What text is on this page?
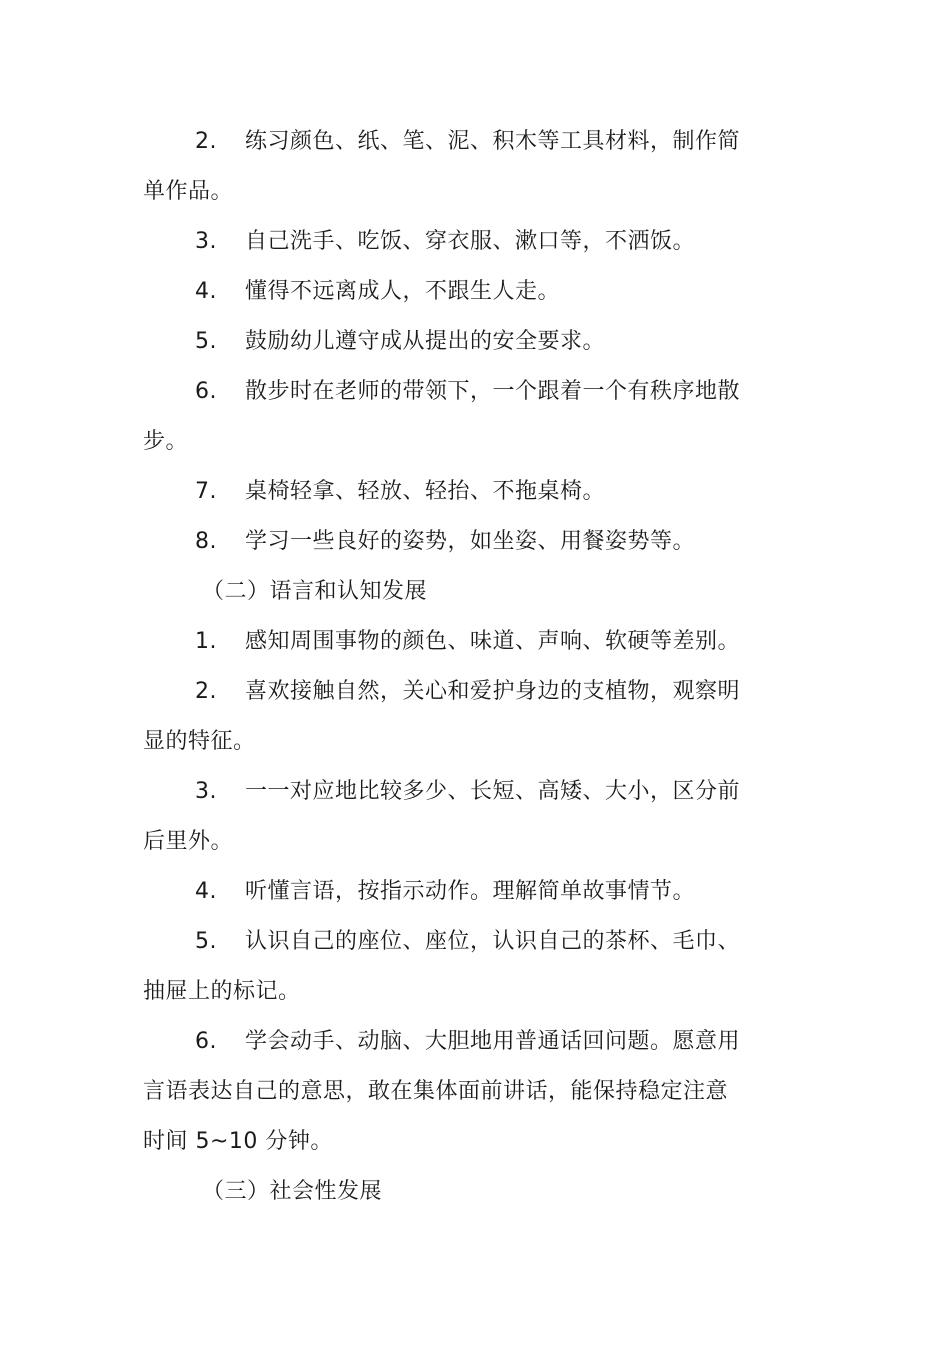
2. 练习颜色、纸、笔、泥、积木等工具材料，制作简
单作品。
3. 自己洗手、吃饭、穿衣服、漱口等，不洒饭。
4. 懂得不远离成人，不跟生人走。
5. 鼓励幼儿遵守成从提出的安全要求。
6. 散步时在老师的带领下，一个跟着一个有秩序地散
步。
7. 桌椅轻拿、轻放、轻抬、不拖桌椅。
8. 学习一些良好的姿势，如坐姿、用餐姿势等。
（二）语言和认知发展
1. 感知周围事物的颜色、味道、声响、软硬等差别。
2. 喜欢接触自然，关心和爱护身边的支植物，观察明
显的特征。
3. 一一对应地比较多少、长短、高矮、大小，区分前
后里外。
4. 听懂言语，按指示动作。理解简单故事情节。
5. 认识自己的座位、座位，认识自己的茶杯、毛巾、
抽屉上的标记。
6. 学会动手、动脑、大胆地用普通话回问题。愿意用
言语表达自己的意思，敢在集体面前讲话，能保持稳定注意
时间 5~10 分钟。
（三）社会性发展
